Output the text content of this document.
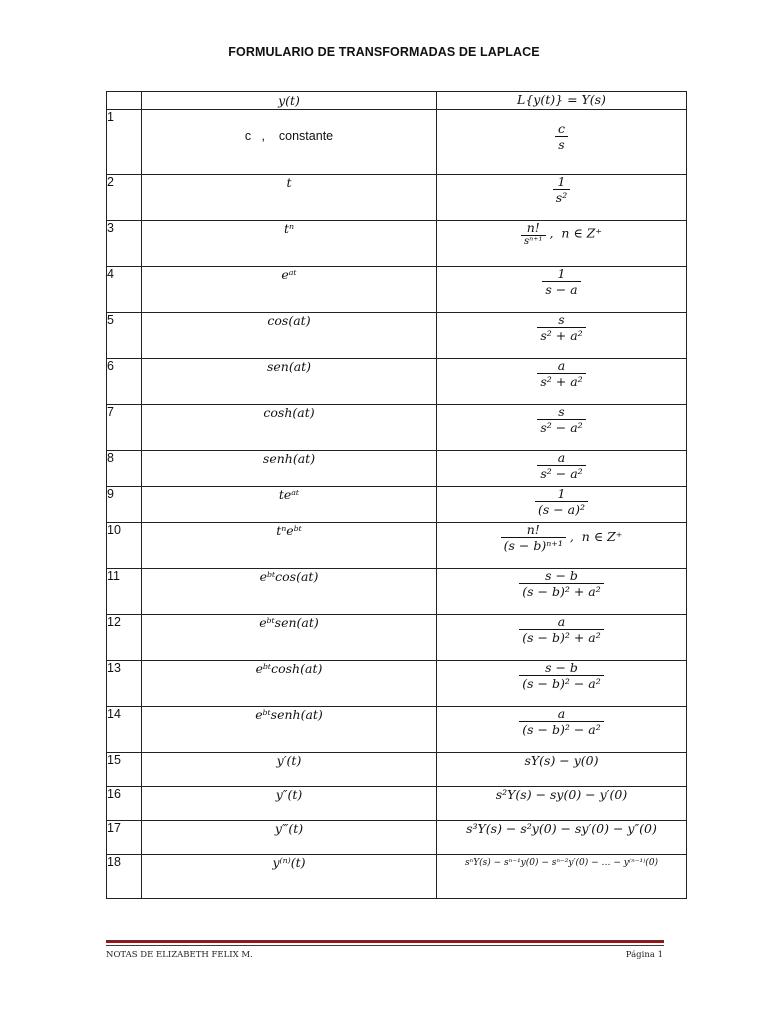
FORMULARIO DE TRANSFORMADAS DE LAPLACE
	y(t)	L{y(t)} = Y(s)
1	c   ,    constante	$\frac{c}{s}$

2	t	$\frac{1}{\text{s²}}$

3	tⁿ	$\frac{n!}{\text{sⁿ⁺¹}}$ ,  n ∈ Z⁺
4	eᵃᵗ	$\frac{1}{s - a}$

5	cos(at)	$\frac{s}{\text{s² + a²}}$

6	sen(at)	$\frac{a}{\text{s² + a²}}$

7	cosh(at)	$\frac{s}{\text{s² − a²}}$

8	senh(at)	$\frac{a}{\text{s² − a²}}$

9	teᵃᵗ	$\frac{1}{\text{(s − a)²}}$

10	tⁿeᵇᵗ	$\frac{n!}{\text{(s − b)ⁿ⁺¹}}$ ,  n ∈ Z⁺
11	eᵇᵗcos(at)	$\frac{s - b}{\text{(s − b)² + a²}}$

12	eᵇᵗsen(at)	$\frac{a}{\text{(s − b)² + a²}}$

13	eᵇᵗcosh(at)	$\frac{s - b}{\text{(s − b)² − a²}}$

14	eᵇᵗsenh(at)	$\frac{a}{\text{(s − b)² − a²}}$

15	y′(t)	sY(s) − y(0)
16	y″(t)	s²Y(s) − sy(0) − y′(0)
17	y‴(t)	s³Y(s) − s²y(0) − sy′(0) − y″(0)
18	y⁽ⁿ⁾(t)	sⁿY(s) − sⁿ⁻¹y(0) − sⁿ⁻²y′(0) − … − y⁽ⁿ⁻¹⁾(0)
NOTAS DE ELIZABETH FELIX M.	Página 1
